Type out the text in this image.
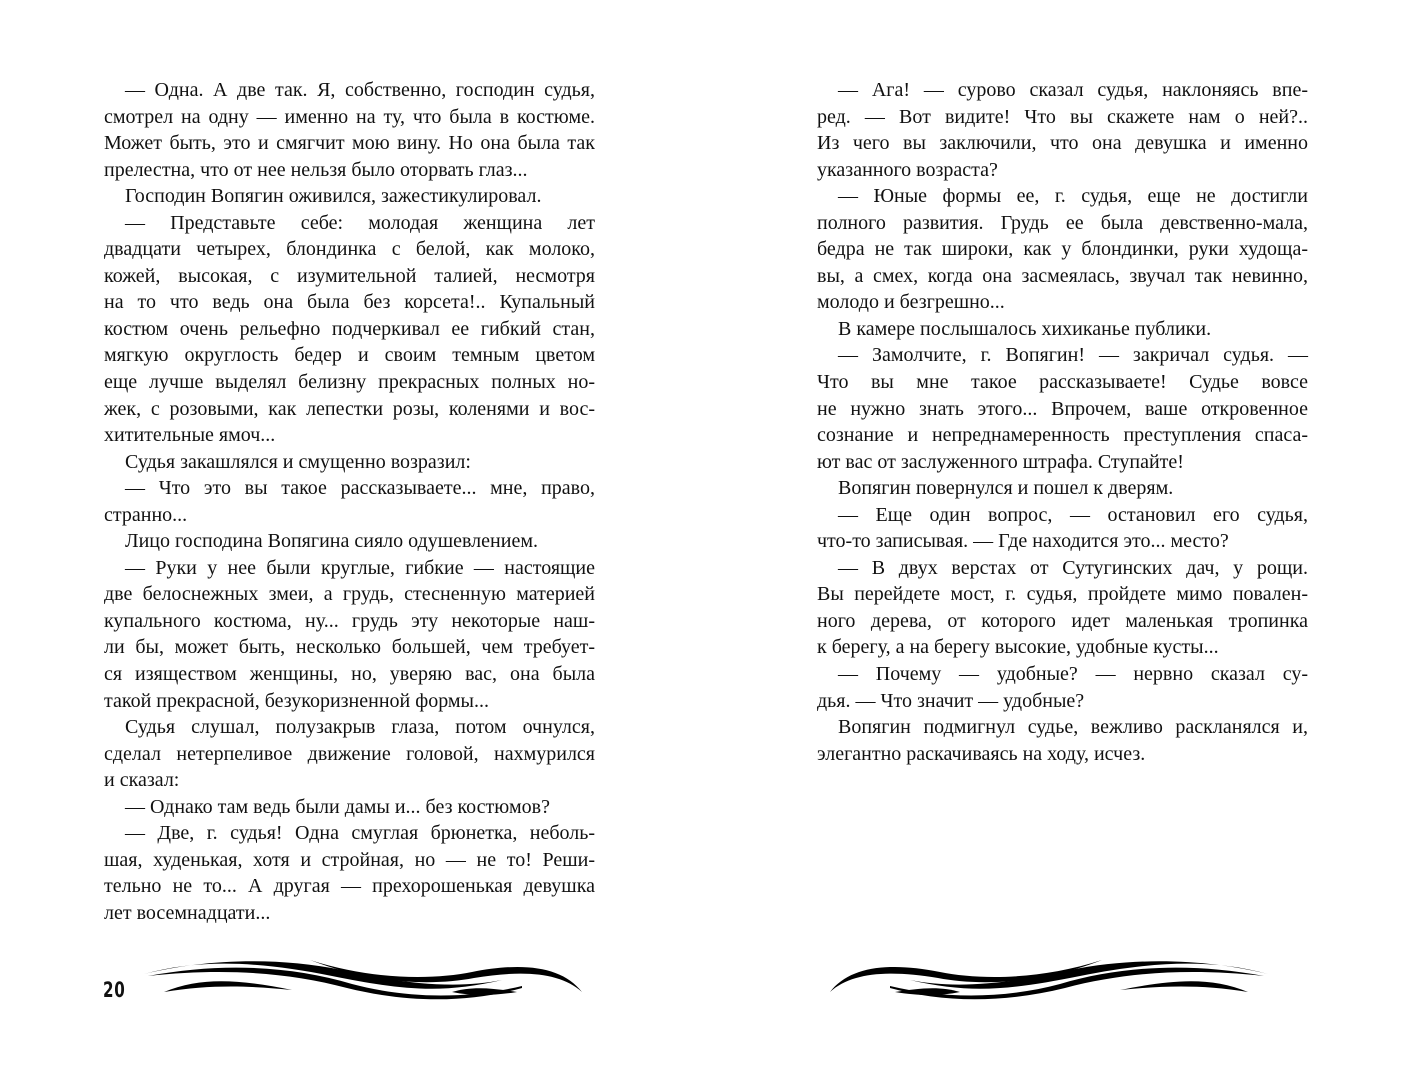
— Одна. А две так. Я, собственно, господин судья,
смотрел на одну — именно на ту, что была в костюме.
Может быть, это и смягчит мою вину. Но она была так
прелестна, что от нее нельзя было оторвать глаз...
Господин Вопягин оживился, зажестикулировал.
— Представьте себе: молодая женщина лет
двадцати четырех, блондинка с белой, как молоко,
кожей, высокая, с изумительной талией, несмотря
на то что ведь она была без корсета!.. Купальный
костюм очень рельефно подчеркивал ее гибкий стан,
мягкую округлость бедер и своим темным цветом
еще лучше выделял белизну прекрасных полных но-
жек, с розовыми, как лепестки розы, коленями и вос-
хитительные ямоч...
Судья закашлялся и смущенно возразил:
— Что это вы такое рассказываете... мне, право,
странно...
Лицо господина Вопягина сияло одушевлением.
— Руки у нее были круглые, гибкие — настоящие
две белоснежных змеи, а грудь, стесненную материей
купального костюма, ну... грудь эту некоторые наш-
ли бы, может быть, несколько большей, чем требует-
ся изяществом женщины, но, уверяю вас, она была
такой прекрасной, безукоризненной формы...
Судья слушал, полузакрыв глаза, потом очнулся,
сделал нетерпеливое движение головой, нахмурился
и сказал:
— Однако там ведь были дамы и... без костюмов?
— Две, г. судья! Одна смуглая брюнетка, неболь-
шая, худенькая, хотя и стройная, но — не то! Реши-
тельно не то... А другая — прехорошенькая девушка
лет восемнадцати...
— Ага! — сурово сказал судья, наклоняясь впе-
ред. — Вот видите! Что вы скажете нам о ней?..
Из чего вы заключили, что она девушка и именно
указанного возраста?
— Юные формы ее, г. судья, еще не достигли
полного развития. Грудь ее была девственно-мала,
бедра не так широки, как у блондинки, руки худоща-
вы, а смех, когда она засмеялась, звучал так невинно,
молодо и безгрешно...
В камере послышалось хихиканье публики.
— Замолчите, г. Вопягин! — закричал судья. —
Что вы мне такое рассказываете! Судье вовсе
не нужно знать этого... Впрочем, ваше откровенное
сознание и непреднамеренность преступления спаса-
ют вас от заслуженного штрафа. Ступайте!
Вопягин повернулся и пошел к дверям.
— Еще один вопрос, — остановил его судья,
что-то записывая. — Где находится это... место?
— В двух верстах от Сутугинских дач, у рощи.
Вы перейдете мост, г. судья, пройдете мимо повален-
ного дерева, от которого идет маленькая тропинка
к берегу, а на берегу высокие, удобные кусты...
— Почему — удобные? — нервно сказал су-
дья. — Что значит — удобные?
Вопягин подмигнул судье, вежливо раскланялся и,
элегантно раскачиваясь на ходу, исчез.
20
